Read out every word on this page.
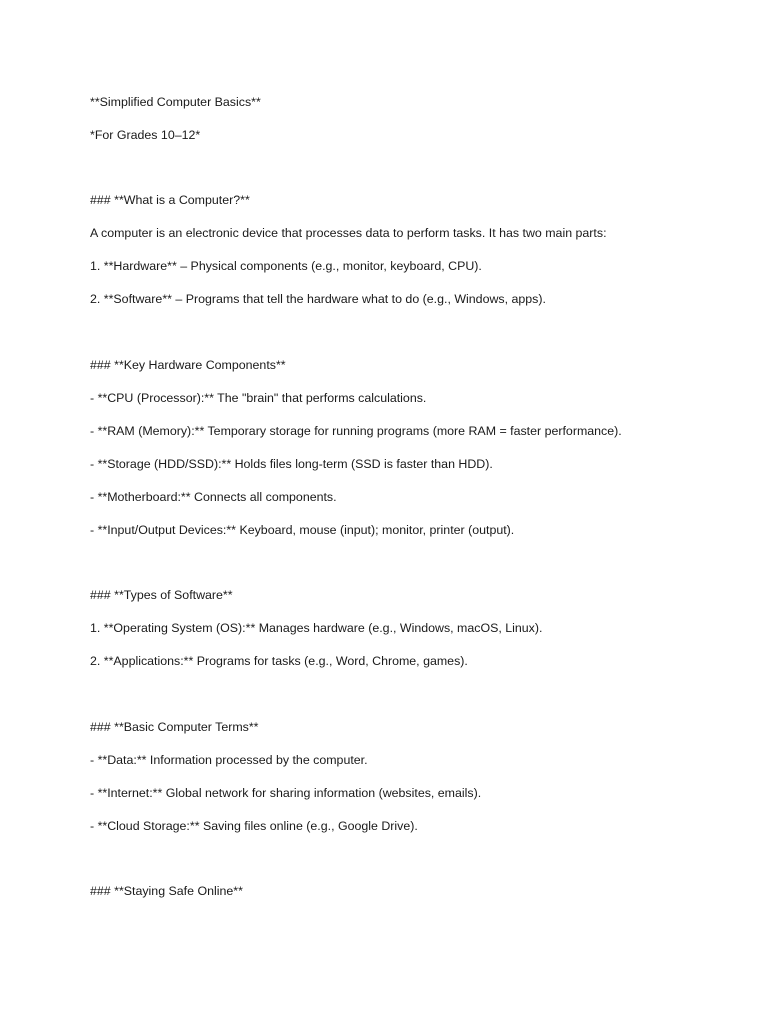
**Simplified Computer Basics**

*For Grades 10–12*

### **What is a Computer?**

A computer is an electronic device that processes data to perform tasks. It has two main parts:

1. **Hardware** – Physical components (e.g., monitor, keyboard, CPU).

2. **Software** – Programs that tell the hardware what to do (e.g., Windows, apps).

### **Key Hardware Components**

- **CPU (Processor):** The "brain" that performs calculations.

- **RAM (Memory):** Temporary storage for running programs (more RAM = faster performance).

- **Storage (HDD/SSD):** Holds files long-term (SSD is faster than HDD).

- **Motherboard:** Connects all components.

- **Input/Output Devices:** Keyboard, mouse (input); monitor, printer (output).

### **Types of Software**

1. **Operating System (OS):** Manages hardware (e.g., Windows, macOS, Linux).

2. **Applications:** Programs for tasks (e.g., Word, Chrome, games).

### **Basic Computer Terms**

- **Data:** Information processed by the computer.

- **Internet:** Global network for sharing information (websites, emails).

- **Cloud Storage:** Saving files online (e.g., Google Drive).

### **Staying Safe Online**
